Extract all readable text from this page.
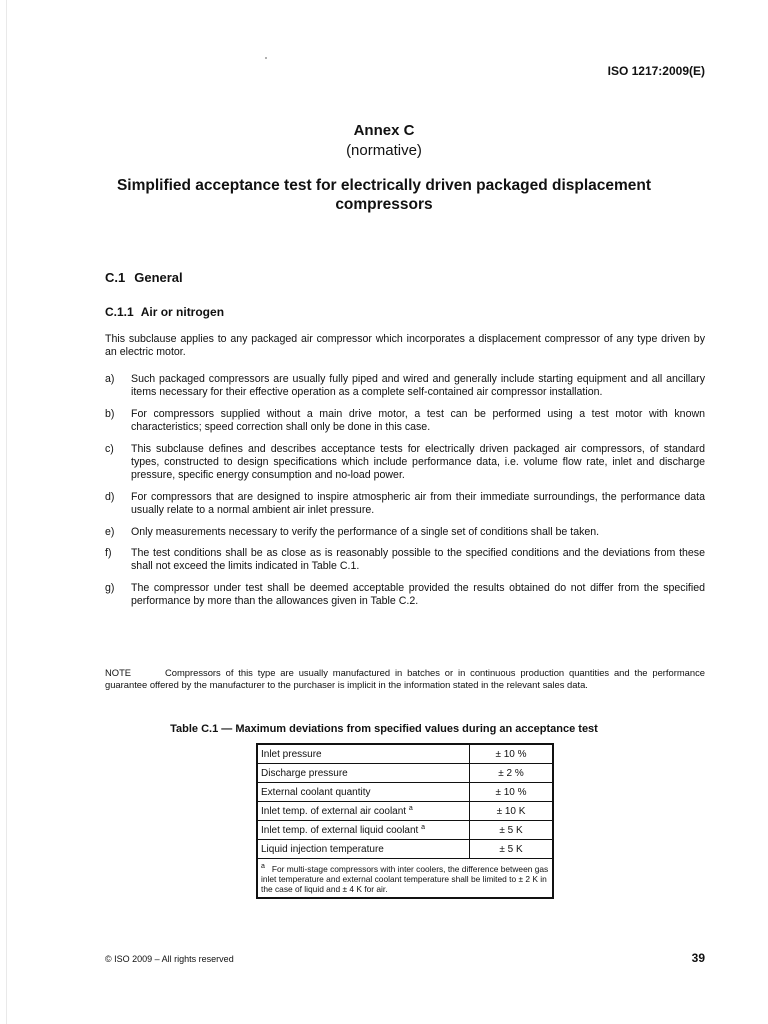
ISO 1217:2009(E)
Annex C
(normative)
Simplified acceptance test for electrically driven packaged displacement compressors
C.1 General
C.1.1 Air or nitrogen

This subclause applies to any packaged air compressor which incorporates a displacement compressor of any type driven by an electric motor.

a) Such packaged compressors are usually fully piped and wired and generally include starting equipment and all ancillary items necessary for their effective operation as a complete self-contained air compressor installation.
b) For compressors supplied without a main drive motor, a test can be performed using a test motor with known characteristics; speed correction shall only be done in this case.
c) This subclause defines and describes acceptance tests for electrically driven packaged air compressors, of standard types, constructed to design specifications which include performance data, i.e. volume flow rate, inlet and discharge pressure, specific energy consumption and no-load power.
d) For compressors that are designed to inspire atmospheric air from their immediate surroundings, the performance data usually relate to a normal ambient air inlet pressure.
e) Only measurements necessary to verify the performance of a single set of conditions shall be taken.
f) The test conditions shall be as close as is reasonably possible to the specified conditions and the deviations from these shall not exceed the limits indicated in Table C.1.
g) The compressor under test shall be deemed acceptable provided the results obtained do not differ from the specified performance by more than the allowances given in Table C.2.
NOTE	Compressors of this type are usually manufactured in batches or in continuous production quantities and the performance guarantee offered by the manufacturer to the purchaser is implicit in the information stated in the relevant sales data.
Table C.1 — Maximum deviations from specified values during an acceptance test
Inlet pressure	± 10 %
Discharge pressure	± 2 %
External coolant quantity	± 10 %
Inlet temp. of external air coolant $^a$	± 10 K
Inlet temp. of external liquid coolant $^a$	± 5 K
Liquid injection temperature	± 5 K
$^a$ For multi-stage compressors with inter coolers, the difference between gas inlet temperature and external coolant temperature shall be limited to ± 2 K in the case of liquid and ± 4 K for air.	
© ISO 2009 – All rights reserved	39
